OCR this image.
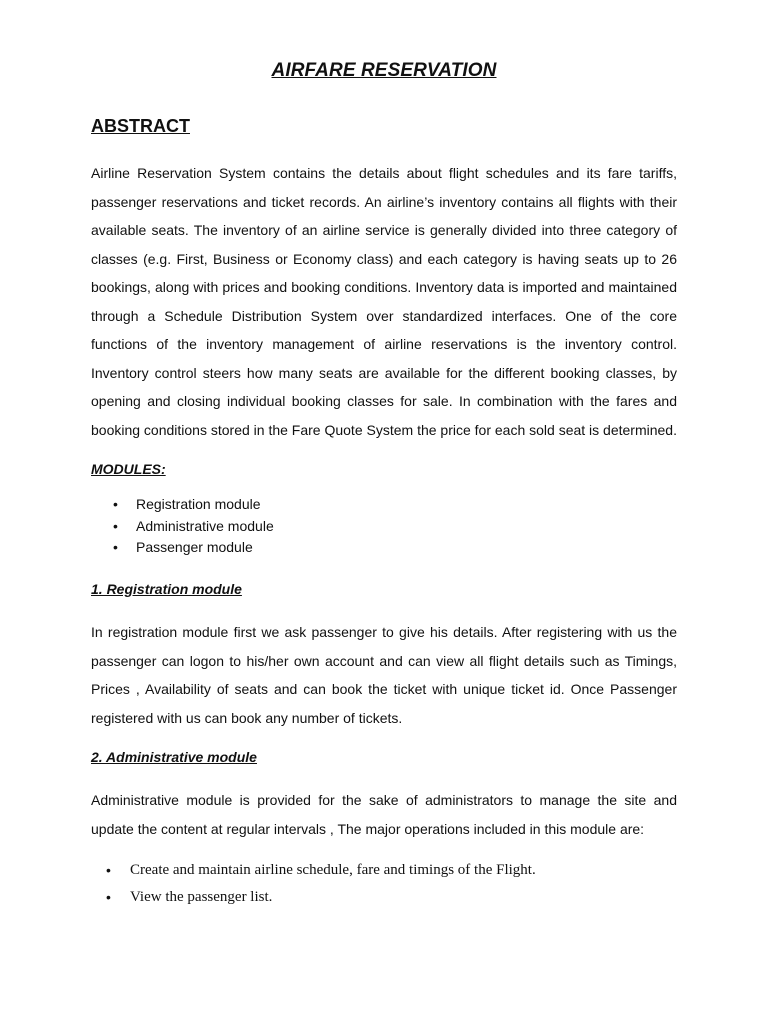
AIRFARE RESERVATION
ABSTRACT

Airline Reservation System contains the details about flight schedules and its fare tariffs, passenger reservations and ticket records. An airline’s inventory contains all flights with their available seats. The inventory of an airline service is generally divided into three category of classes (e.g. First, Business or Economy class) and each category is having seats up to 26 bookings, along with prices and booking conditions. Inventory data is imported and maintained through a Schedule Distribution System over standardized interfaces. One of the core functions of the inventory management of airline reservations is the inventory control. Inventory control steers how many seats are available for the different booking classes, by opening and closing individual booking classes for sale. In combination with the fares and booking conditions stored in the Fare Quote System the price for each sold seat is determined.

MODULES:
• Registration module
• Administrative module
• Passenger module
1. Registration module

In registration module first we ask passenger to give his details. After registering with us the passenger can logon to his/her own account and can view all flight details such as Timings, Prices , Availability of seats and can book the ticket with unique ticket id. Once Passenger registered with us can book any number of tickets.

2. Administrative module

Administrative module is provided for the sake of administrators to manage the site and update the content at regular intervals , The major operations included in this module are:

• Create and maintain airline schedule, fare and timings of the Flight.
• View the passenger list.
